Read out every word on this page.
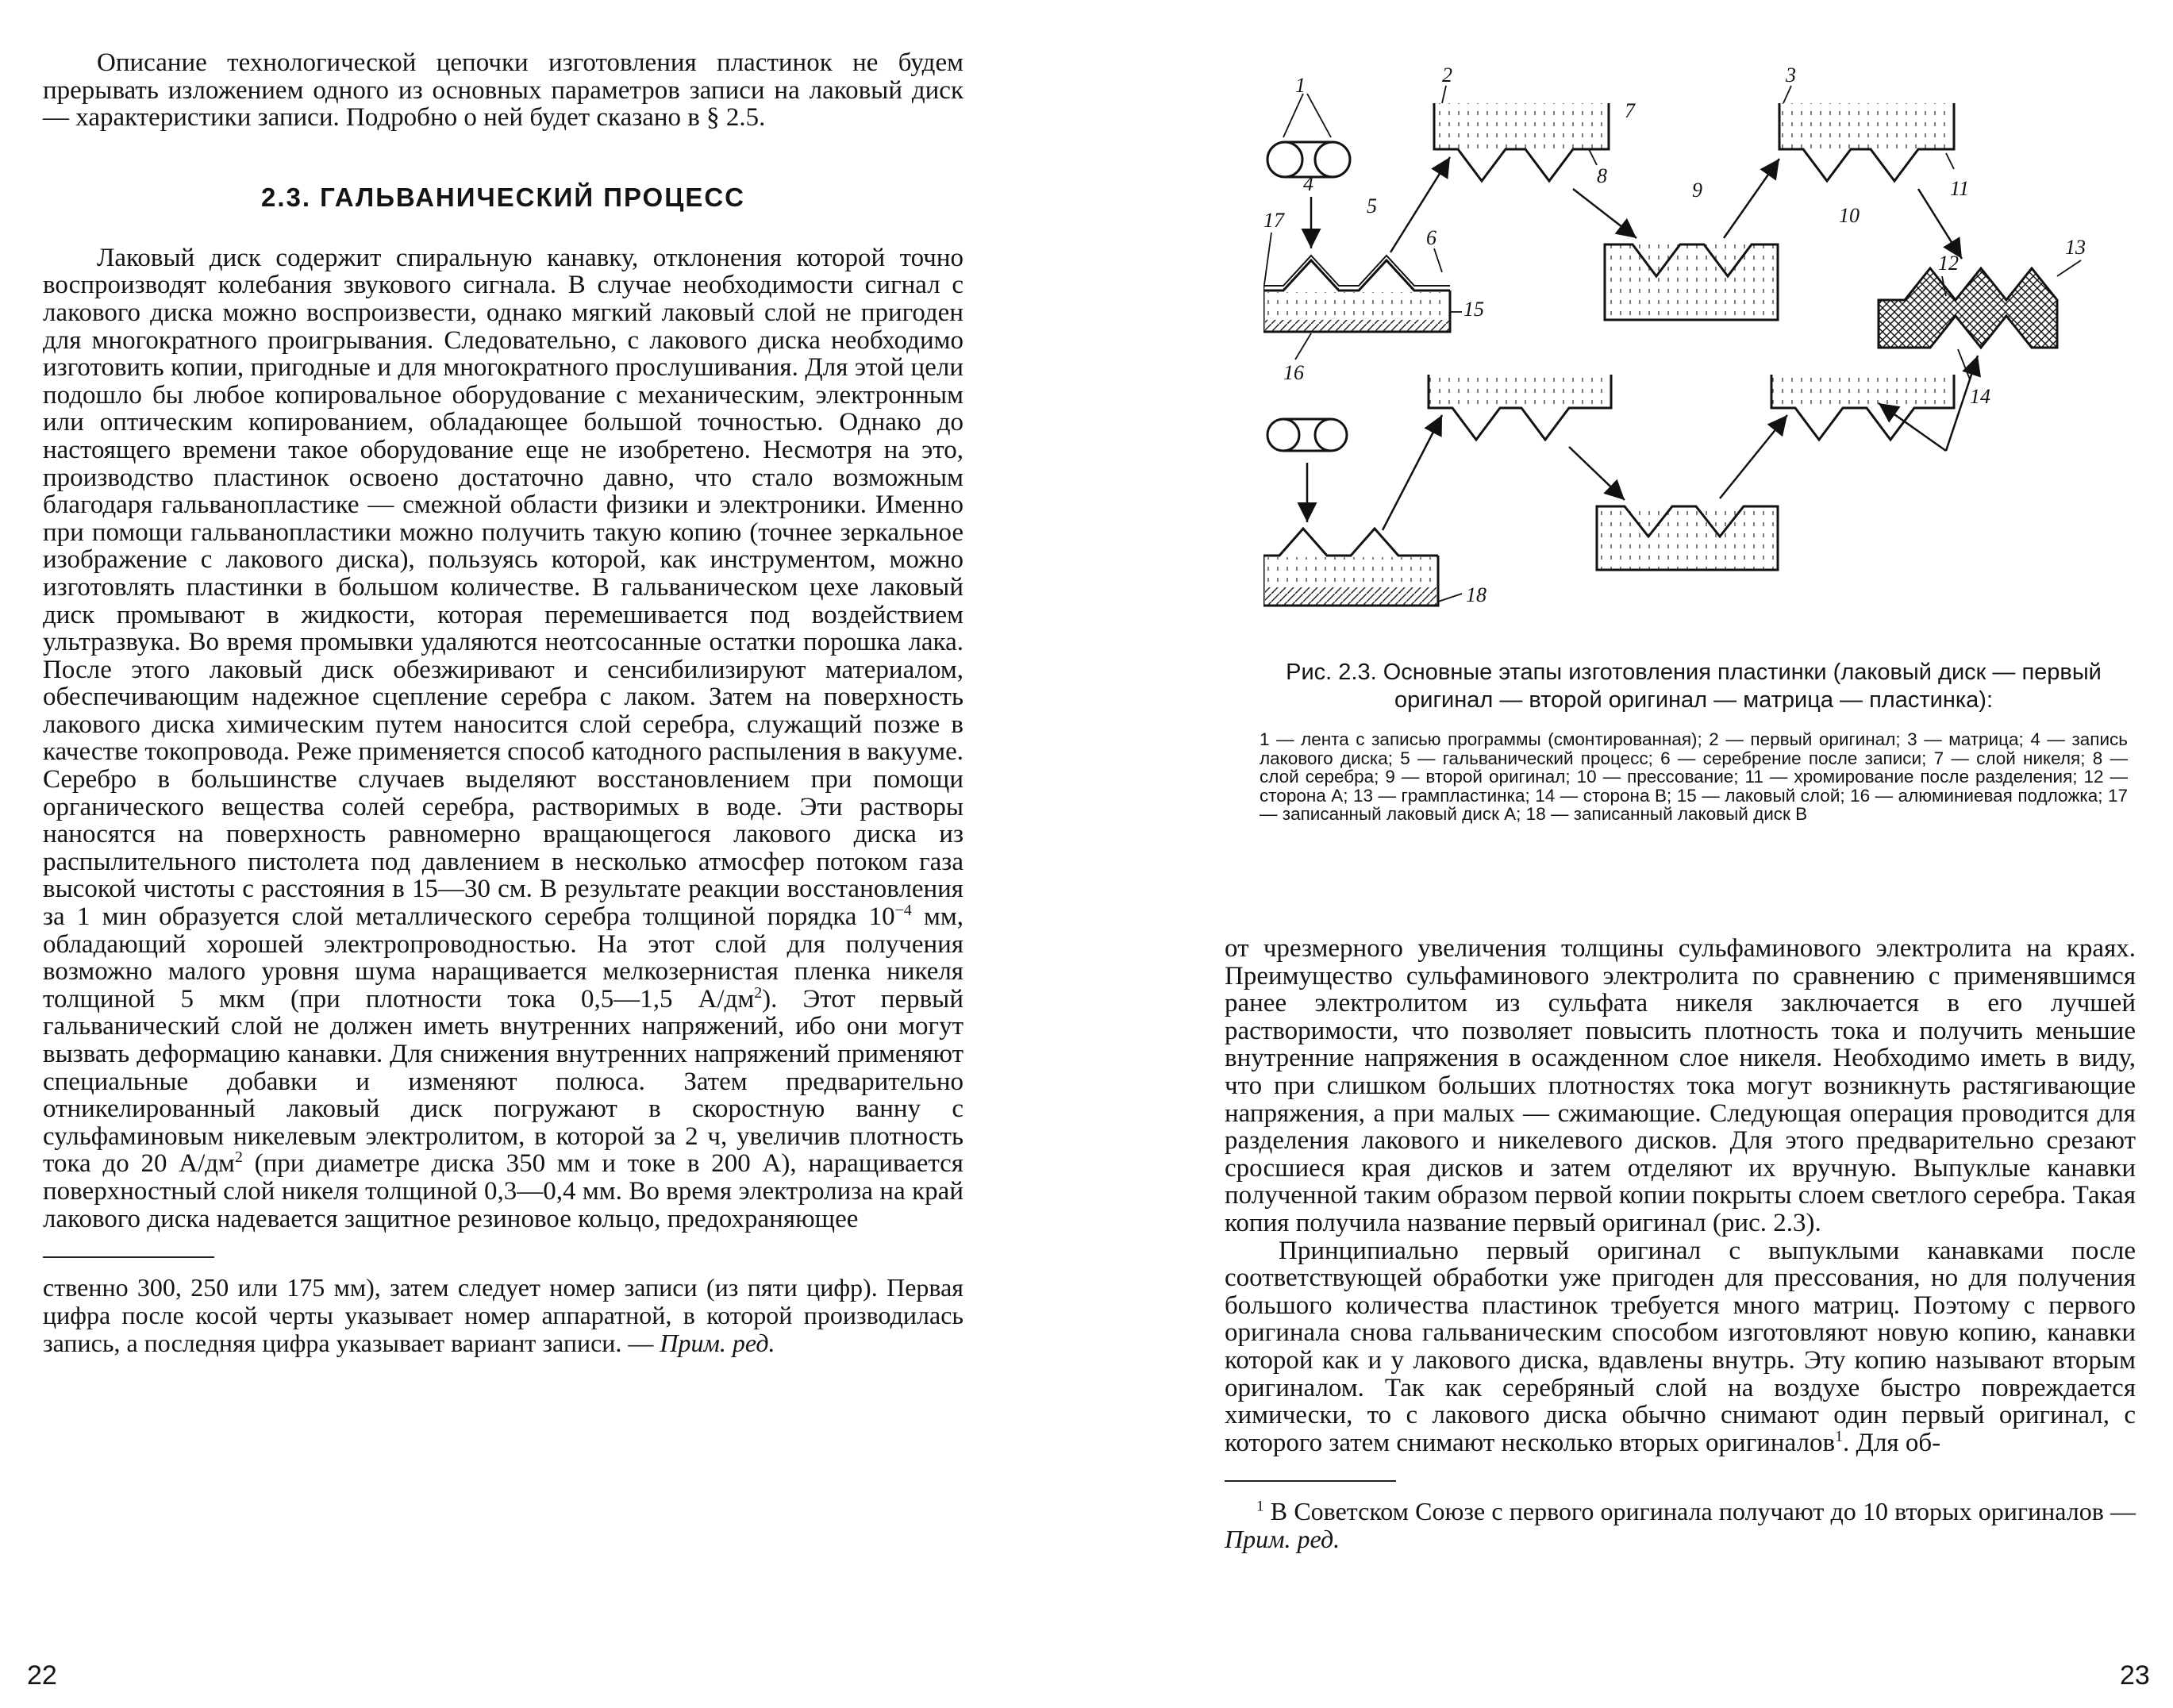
Описание технологической цепочки изготовления пластинок не будем прерывать изложением одного из основных параметров записи на лаковый диск — характеристики записи. Подробно о ней будет сказано в § 2.5.

2.3. ГАЛЬВАНИЧЕСКИЙ ПРОЦЕСС

Лаковый диск содержит спиральную канавку, отклонения которой точно воспроизводят колебания звукового сигнала. В случае необходимости сигнал с лакового диска можно воспроизвести, однако мягкий лаковый слой не пригоден для многократного проигрывания. Следовательно, с лакового диска необходимо изготовить копии, пригодные и для многократного прослушивания. Для этой цели подошло бы любое копировальное оборудование с механическим, электронным или оптическим копированием, обладающее большой точностью. Однако до настоящего времени такое оборудование еще не изобретено. Несмотря на это, производство пластинок освоено достаточно давно, что стало возможным благодаря гальванопластике — смежной области физики и электроники. Именно при помощи гальванопластики можно получить такую копию (точнее зеркальное изображение с лакового диска), пользуясь которой, как инструментом, можно изготовлять пластинки в большом количестве. В гальваническом цехе лаковый диск промывают в жидкости, которая перемешивается под воздействием ультразвука. Во время промывки удаляются неотсосанные остатки порошка лака. После этого лаковый диск обезжиривают и сенсибилизируют материалом, обеспечивающим надежное сцепление серебра с лаком. Затем на поверхность лакового диска химическим путем наносится слой серебра, служащий позже в качестве токопровода. Реже применяется способ катодного распыления в вакууме. Серебро в большинстве случаев выделяют восстановлением при помощи органического вещества солей серебра, растворимых в воде. Эти растворы наносятся на поверхность равномерно вращающегося лакового диска из распылительного пистолета под давлением в несколько атмосфер потоком газа высокой чистоты с расстояния в 15—30 см. В результате реакции восстановления за 1 мин образуется слой металлического серебра толщиной порядка $10^{-4}$ мм, обладающий хорошей электропроводностью. На этот слой для получения возможно малого уровня шума наращивается мелкозернистая пленка никеля толщиной 5 мкм (при плотности тока 0,5—1,5 $А/дм^2$). Этот первый гальванический слой не должен иметь внутренних напряжений, ибо они могут вызвать деформацию канавки. Для снижения внутренних напряжений применяют специальные добавки и изменяют полюса. Затем предварительно отникелированный лаковый диск погружают в скоростную ванну с сульфаминовым никелевым электролитом, в которой за 2 ч, увеличив плотность тока до 20 $А/дм^2$ (при диаметре диска 350 мм и токе в 200 А), наращивается поверхностный слой никеля толщиной 0,3—0,4 мм. Во время электролиза на край лакового диска надевается защитное резиновое кольцо, предохраняющее

ственно 300, 250 или 175 мм), затем следует номер записи (из пяти цифр). Первая цифра после косой черты указывает номер аппаратной, в которой производилась запись, а последняя цифра указывает вариант записи. — Прим. ред.

22
1	2	3
4
5
6
7
8
9
10
11
12
13
14
15
16
17
18

Рис. 2.3. Основные этапы изготовления пластинки (лаковый диск — первый оригинал — второй оригинал — матрица — пластинка):

1 — лента с записью программы (смонтированная); 2 — первый оригинал; 3 — матрица; 4 — запись лакового диска; 5 — гальванический процесс; 6 — серебрение после записи; 7 — слой никеля; 8 — слой серебра; 9 — второй оригинал; 10 — прессование; 11 — хромирование после разделения; 12 — сторона А; 13 — грампластинка; 14 — сторона В; 15 — лаковый слой; 16 — алюминиевая подложка; 17 — записанный лаковый диск А; 18 — записанный лаковый диск В

от чрезмерного увеличения толщины сульфаминового электролита на краях. Преимущество сульфаминового электролита по сравнению с применявшимся ранее электролитом из сульфата никеля заключается в его лучшей растворимости, что позволяет повысить плотность тока и получить меньшие внутренние напряжения в осажденном слое никеля. Необходимо иметь в виду, что при слишком больших плотностях тока могут возникнуть растягивающие напряжения, а при малых — сжимающие. Следующая операция проводится для разделения лакового и никелевого дисков. Для этого предварительно срезают сросшиеся края дисков и затем отделяют их вручную. Выпуклые канавки полученной таким образом первой копии покрыты слоем светлого серебра. Такая копия получила название первый оригинал (рис. 2.3).

Принципиально первый оригинал с выпуклыми канавками после соответствующей обработки уже пригоден для прессования, но для получения большого количества пластинок требуется много матриц. Поэтому с первого оригинала снова гальваническим способом изготовляют новую копию, канавки которой как и у лакового диска, вдавлены внутрь. Эту копию называют вторым оригиналом. Так как серебряный слой на воздухе быстро повреждается химически, то с лакового диска обычно снимают один первый оригинал, с которого затем снимают несколько вторых оригиналов$^1$. Для об-

$^1$ В Советском Союзе с первого оригинала получают до 10 вторых оригиналов — Прим. ред.

23
